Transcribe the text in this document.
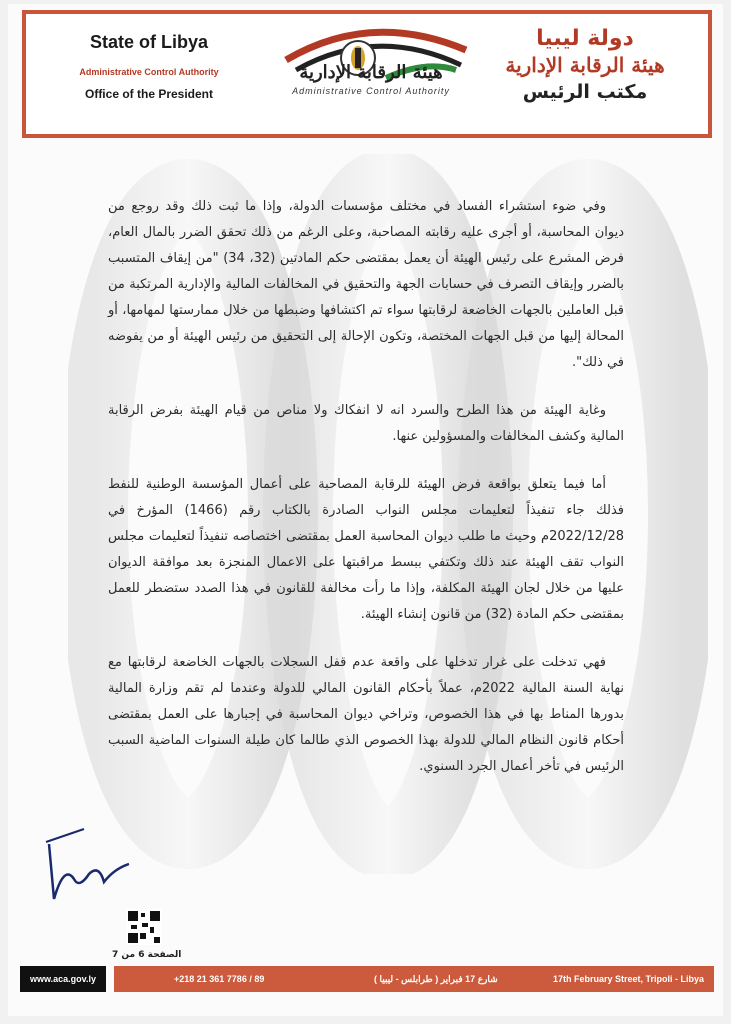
State of Libya
Administrative Control Authority
Office of the President
هيئة الرقابة الإدارية
Administrative Control Authority
دولة ليبيا
هيئة الرقابة الإدارية
مكتب الرئيس

وفي ضوء استشراء الفساد في مختلف مؤسسات الدولة، وإذا ما ثبت ذلك وقد روجع من ديوان المحاسبة، أو أجرى عليه رقابته المصاحبة، وعلى الرغم من ذلك تحقق الضرر بالمال العام، فرض المشرع على رئيس الهيئة أن يعمل بمقتضى حكم المادتين (32، 34) "من إيقاف المتسبب بالضرر وإيقاف التصرف في حسابات الجهة والتحقيق في المخالفات المالية والإدارية المرتكبة من قبل العاملين بالجهات الخاضعة لرقابتها سواء تم اكتشافها وضبطها من خلال ممارستها لمهامها، أو المحالة إليها من قبل الجهات المختصة، وتكون الإحالة إلى التحقيق من رئيس الهيئة أو من يفوضه في ذلك".

وغاية الهيئة من هذا الطرح والسرد انه لا انفكاك ولا مناص من قيام الهيئة بفرض الرقابة المالية وكشف المخالفات والمسؤولين عنها.

أما فيما يتعلق بواقعة فرض الهيئة للرقابة المصاحبة على أعمال المؤسسة الوطنية للنفط فذلك جاء تنفيذاً لتعليمات مجلس النواب الصادرة بالكتاب رقم (1466) المؤرخ في 2022/12/28م وحيث ما طلب ديوان المحاسبة العمل بمقتضى اختصاصه تنفيذاً لتعليمات مجلس النواب تقف الهيئة عند ذلك وتكتفي ببسط مراقبتها على الاعمال المنجزة بعد موافقة الديوان عليها من خلال لجان الهيئة المكلفة، وإذا ما رأت مخالفة للقانون في هذا الصدد ستضطر للعمل بمقتضى حكم المادة (32) من قانون إنشاء الهيئة.

فهي تدخلت على غرار تدخلها على واقعة عدم قفل السجلات بالجهات الخاضعة لرقابتها مع نهاية السنة المالية 2022م، عملاً بأحكام القانون المالي للدولة وعندما لم تقم وزارة المالية بدورها المناط بها في هذا الخصوص، وتراخي ديوان المحاسبة في إجبارها على العمل بمقتضى أحكام قانون النظام المالي للدولة بهذا الخصوص الذي طالما كان طيلة السنوات الماضية السبب الرئيس في تأخر أعمال الجرد السنوي.

الصفحة 6 من 7
www.aca.gov.ly	+218 21 361 7786 / 89	شارع 17 فبراير ( طرابلس - ليبيا )	17th February Street, Tripoli - Libya
